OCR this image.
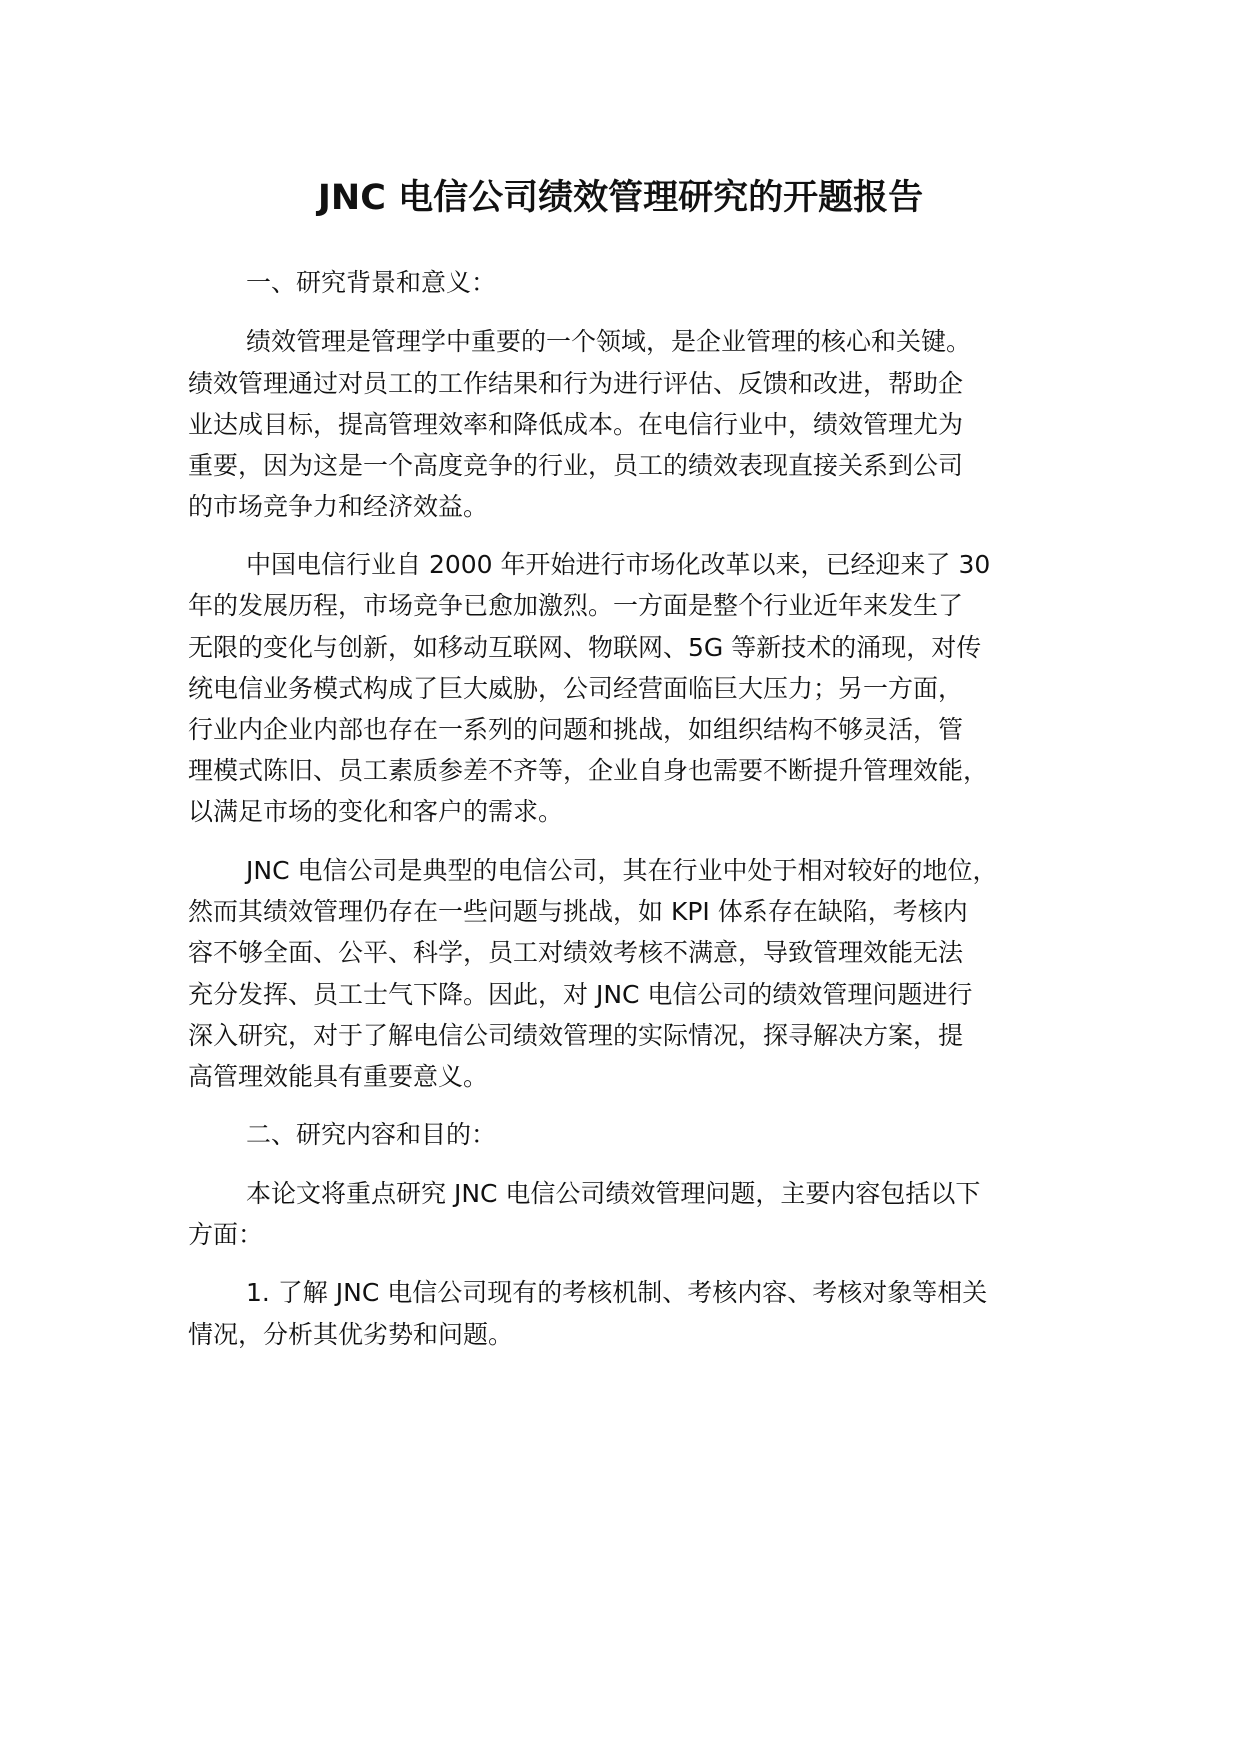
JNC 电信公司绩效管理研究的开题报告
一、研究背景和意义：
绩效管理是管理学中重要的一个领域，是企业管理的核心和关键。
绩效管理通过对员工的工作结果和行为进行评估、反馈和改进，帮助企
业达成目标，提高管理效率和降低成本。在电信行业中，绩效管理尤为
重要，因为这是一个高度竞争的行业，员工的绩效表现直接关系到公司
的市场竞争力和经济效益。
中国电信行业自 2000 年开始进行市场化改革以来，已经迎来了 30
年的发展历程，市场竞争已愈加激烈。一方面是整个行业近年来发生了
无限的变化与创新，如移动互联网、物联网、5G 等新技术的涌现，对传
统电信业务模式构成了巨大威胁，公司经营面临巨大压力；另一方面，
行业内企业内部也存在一系列的问题和挑战，如组织结构不够灵活，管
理模式陈旧、员工素质参差不齐等，企业自身也需要不断提升管理效能，
以满足市场的变化和客户的需求。
JNC 电信公司是典型的电信公司，其在行业中处于相对较好的地位，
然而其绩效管理仍存在一些问题与挑战，如 KPI 体系存在缺陷，考核内
容不够全面、公平、科学，员工对绩效考核不满意，导致管理效能无法
充分发挥、员工士气下降。因此，对 JNC 电信公司的绩效管理问题进行
深入研究，对于了解电信公司绩效管理的实际情况，探寻解决方案，提
高管理效能具有重要意义。
二、研究内容和目的：
本论文将重点研究 JNC 电信公司绩效管理问题，主要内容包括以下
方面：
1. 了解 JNC 电信公司现有的考核机制、考核内容、考核对象等相关
情况，分析其优劣势和问题。
